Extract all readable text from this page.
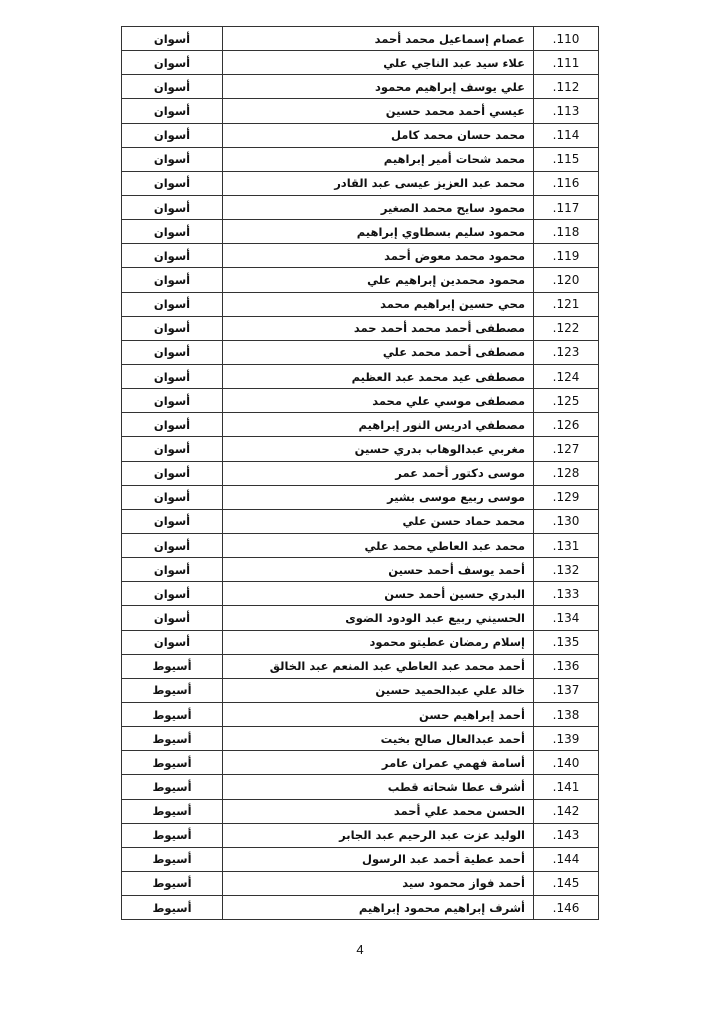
.110	عصام إسماعيل محمد أحمد	أسوان
.111	علاء سيد عبد الناجي علي	أسوان
.112	علي يوسف إبراهيم محمود	أسوان
.113	عيسي أحمد محمد حسين	أسوان
.114	محمد حسان محمد كامل	أسوان
.115	محمد شحات أمير إبراهيم	أسوان
.116	محمد عبد العزيز عيسى عبد القادر	أسوان
.117	محمود سايح محمد الصغير	أسوان
.118	محمود سليم بسطاوي إبراهيم	أسوان
.119	محمود محمد معوض أحمد	أسوان
.120	محمود محمدين إبراهيم علي	أسوان
.121	محي حسين إبراهيم محمد	أسوان
.122	مصطفى أحمد محمد أحمد حمد	أسوان
.123	مصطفى أحمد محمد علي	أسوان
.124	مصطفى عيد محمد عبد العظيم	أسوان
.125	مصطفى موسي علي محمد	أسوان
.126	مصطفي ادريس النور إبراهيم	أسوان
.127	مغربي عبدالوهاب بدري حسين	أسوان
.128	موسى دكتور أحمد عمر	أسوان
.129	موسى ربيع موسى بشير	أسوان
.130	محمد حماد حسن علي	أسوان
.131	محمد عبد العاطي محمد علي	أسوان
.132	أحمد يوسف أحمد حسين	أسوان
.133	البدري حسين أحمد حسن	أسوان
.134	الحسيني ربيع عبد الودود الضوى	أسوان
.135	إسلام رمضان عطيتو محمود	أسوان
.136	أحمد محمد عبد العاطي عبد المنعم عبد الخالق	أسيوط
.137	خالد علي عبدالحميد حسين	أسيوط
.138	أحمد إبراهيم حسن	أسيوط
.139	أحمد عبدالعال صالح بخيت	أسيوط
.140	أسامة فهمي عمران عامر	أسيوط
.141	أشرف عطا شحاته قطب	أسيوط
.142	الحسن محمد علي أحمد	أسيوط
.143	الوليد عزت عبد الرحيم عبد الجابر	أسيوط
.144	أحمد عطية أحمد عبد الرسول	أسيوط
.145	أحمد فواز محمود سيد	أسيوط
.146	أشرف إبراهيم محمود إبراهيم	أسيوط
4
